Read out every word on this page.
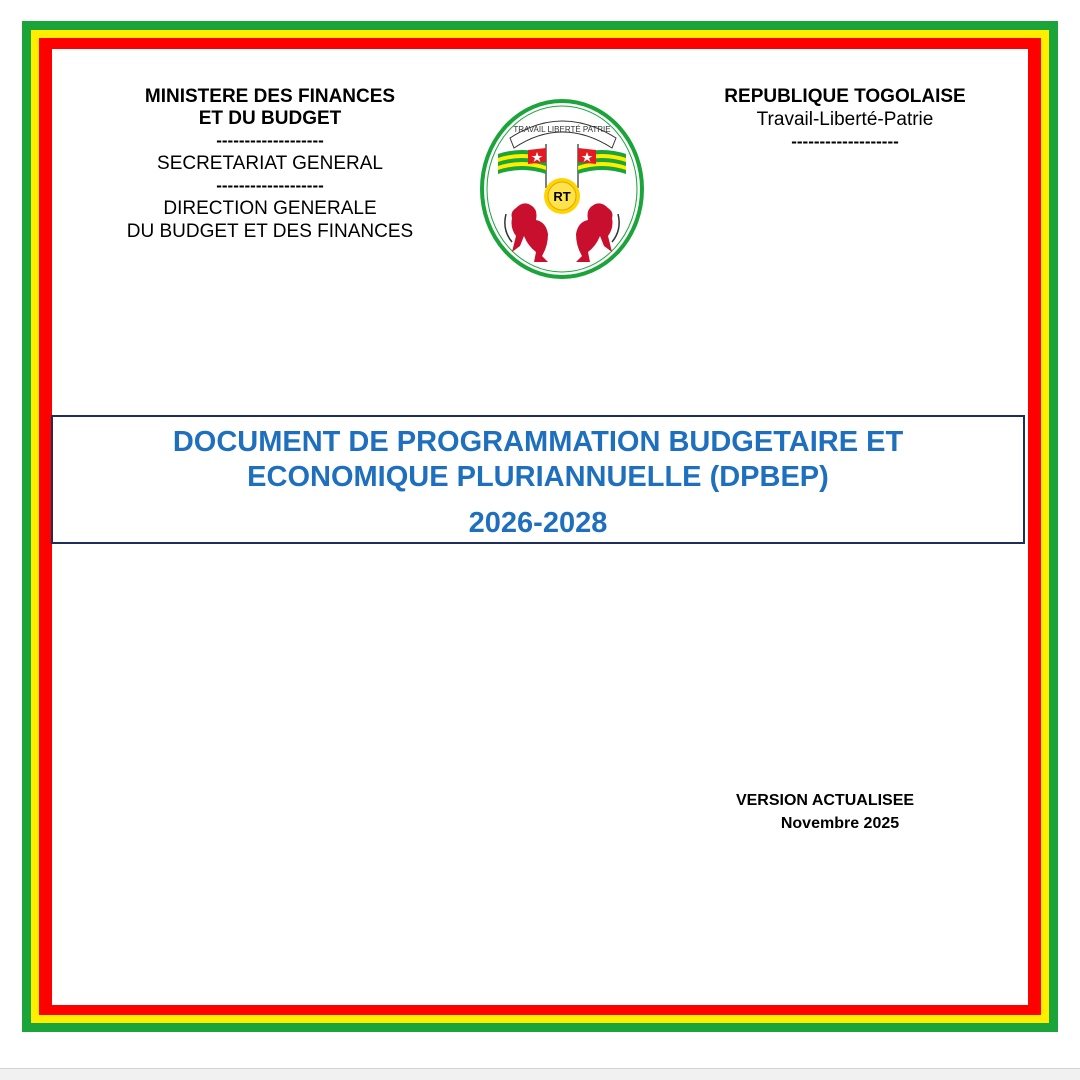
MINISTERE DES FINANCES
ET DU BUDGET
-------------------
SECRETARIAT GENERAL
-------------------
DIRECTION GENERALE
DU BUDGET ET DES FINANCES
REPUBLIQUE TOGOLAISE
Travail-Liberté-Patrie
-------------------
TRAVAIL LIBERTÉ PATRIE
RT
DOCUMENT DE PROGRAMMATION BUDGETAIRE ET
ECONOMIQUE PLURIANNUELLE (DPBEP)
2026-2028
VERSION ACTUALISEE
Novembre 2025
